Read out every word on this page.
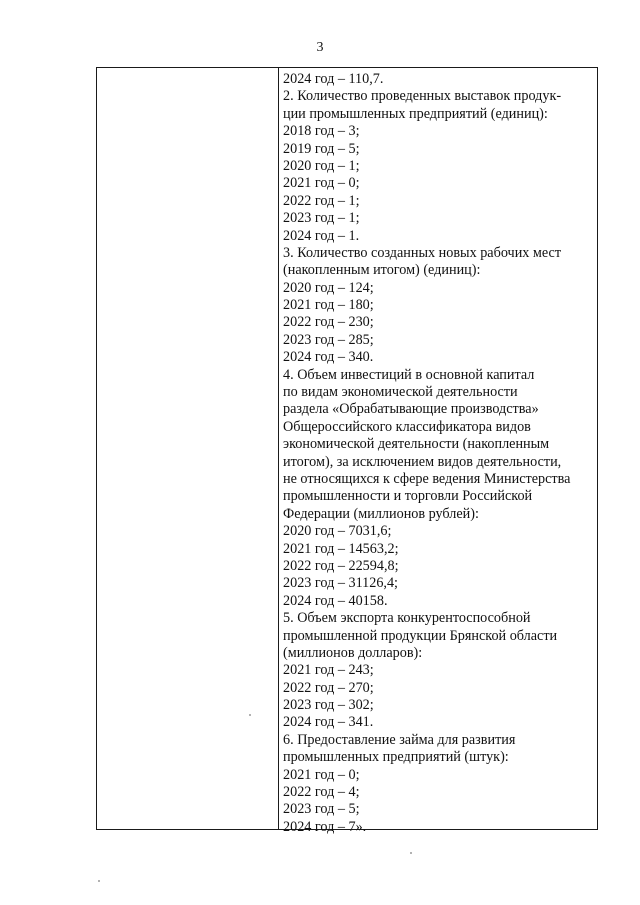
3
2024 год – 110,7.
2. Количество проведенных выставок продук-
ции промышленных предприятий (единиц):
2018 год – 3;
2019 год – 5;
2020 год – 1;
2021 год – 0;
2022 год – 1;
2023 год – 1;
2024 год – 1.
3. Количество созданных новых рабочих мест
(накопленным итогом) (единиц):
2020 год – 124;
2021 год – 180;
2022 год – 230;
2023 год – 285;
2024 год – 340.
4. Объем инвестиций в основной капитал
по видам экономической деятельности
раздела «Обрабатывающие производства»
Общероссийского классификатора видов
экономической деятельности (накопленным
итогом), за исключением видов деятельности,
не относящихся к сфере ведения Министерства
промышленности и торговли Российской
Федерации (миллионов рублей):
2020 год – 7031,6;
2021 год – 14563,2;
2022 год – 22594,8;
2023 год – 31126,4;
2024 год – 40158.
5. Объем экспорта конкурентоспособной
промышленной продукции Брянской области
(миллионов долларов):
2021 год – 243;
2022 год – 270;
2023 год – 302;
2024 год – 341.
6. Предоставление займа для развития
промышленных предприятий (штук):
2021 год – 0;
2022 год – 4;
2023 год – 5;
2024 год – 7».
